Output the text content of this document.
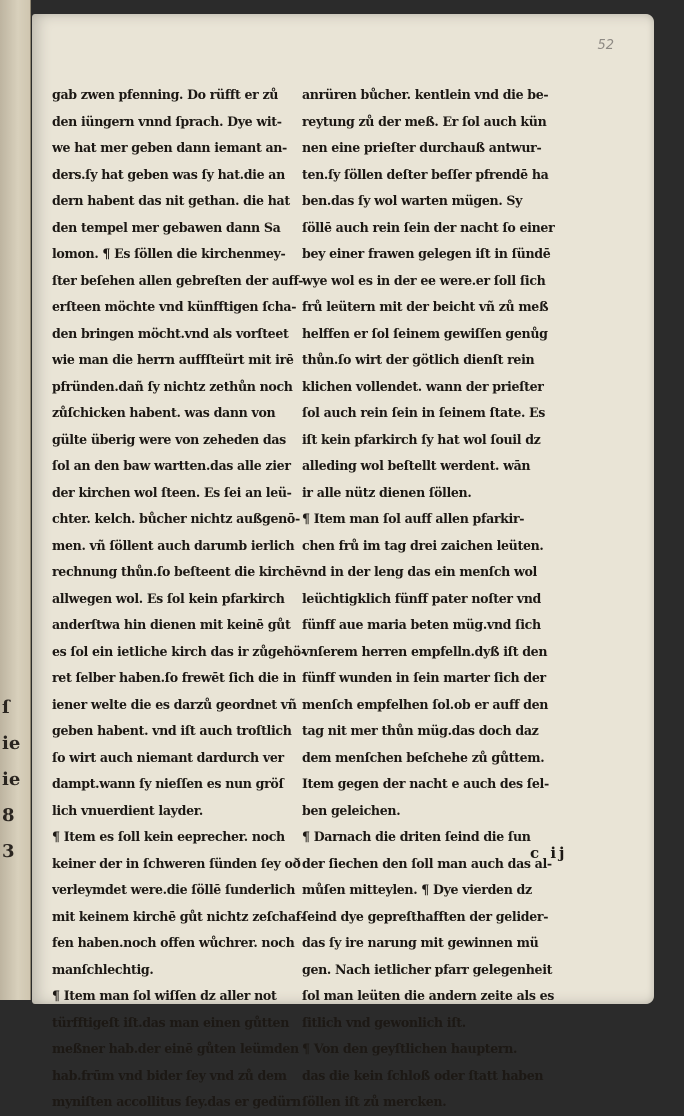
ſ
ie
ie
8
3
52
gab zwen pfenning. Do rüfft er zů
den iüngern vnnd ſprach. Dye wit-
we hat mer geben dann iemant an-
ders.ſy hat geben was ſy hat.die an
dern habent das nit gethan. die hat
den tempel mer gebawen dann Sa
lomon. ¶ Es ſöllen die kirchenmey-
ſter beſehen allen gebreſten der auff-
erſteen möchte vnd künfftigen ſcha-
den bringen möcht.vnd als vorſteet
wie man die herrn auffſteürt mit irē
pfründen.dañ ſy nichtz zethůn noch
zůſchicken habent. was dann von
gülte überig were von zeheden das
ſol an den baw wartten.das alle zier
der kirchen wol ſteen. Es ſei an leü-
chter. kelch. bůcher nichtz außgenō-
men. vñ ſöllent auch darumb ierlich
rechnung thůn.ſo beſteent die kirchē
allwegen wol. Es ſol kein pfarkirch
anderſtwa hin dienen mit keinē gůt
es ſol ein ietliche kirch das ir zůgehö-
ret ſelber haben.ſo frewēt ſich die in
iener welte die es darzů geordnet vñ
geben habent. vnd iſt auch troſtlich
ſo wirt auch niemant dardurch ver
dampt.wann ſy nieſſen es nun gröſ
lich vnuerdient layder.
¶ Item es ſoll kein eeprecher. noch
keiner der in ſchweren ſünden ſey oð
verleymdet were.die ſöllē ſunderlich
mit keinem kirchē gůt nichtz zeſchaf-
fen haben.noch offen wůchrer. noch
manſchlechtig.
¶ Item man ſol wiſſen dz aller not
türfftigeſt iſt.das man einen gůtten
meßner hab.der einē gůten leümden
hab.frūm vnd bider ſey vnd zů dem
myniſten accollitus ſey.das er gedürn
anrüren bůcher. kentlein vnd die be-
reytung zů der meß. Er ſol auch kün
nen eine prieſter durchauß antwur-
ten.ſy ſöllen deſter beſſer pfrendē ha
ben.das ſy wol warten mügen. Sy
ſöllē auch rein ſein der nacht ſo einer
bey einer frawen gelegen iſt in ſündē
wye wol es in der ee were.er ſoll ſich
frů leütern mit der beicht vñ zů meß
helffen er ſol ſeinem gewiſſen genůg
thůn.ſo wirt der götlich dienſt rein
klichen vollendet. wann der prieſter
ſol auch rein ſein in ſeinem ſtate. Es
iſt kein pfarkirch ſy hat wol ſouil dz
alleding wol beſtellt werdent. wān
ir alle nütz dienen ſöllen.
¶ Item man ſol auff allen pfarkir-
chen frů im tag drei zaichen leüten.
vnd in der leng das ein menſch wol
leüchtigklich fünff pater noſter vnd
fünff aue maria beten müg.vnd ſich
vnſerem herren empfelln.dyß iſt den
fünff wunden in ſein marter ſich der
menſch empfelhen ſol.ob er auff den
tag nit mer thůn müg.das doch daz
dem menſchen beſchehe zů gůttem.
Item gegen der nacht e auch des ſel-
ben geleichen.
¶ Darnach die driten ſeind die ſun
der ſiechen den ſoll man auch das al-
můſen mitteylen. ¶ Dye vierden dz
ſeind dye gepreſthafften der gelider-
das ſy ire narung mit gewinnen mü
gen. Nach ietlicher pfarr gelegenheit
ſol man leüten die andern zeite als es
ſitlich vnd gewonlich iſt.
¶ Von den geyſtlichen hauptern.
das die kein ſchloß oder ſtatt haben
ſöllen iſt zů mercken.
c ij
